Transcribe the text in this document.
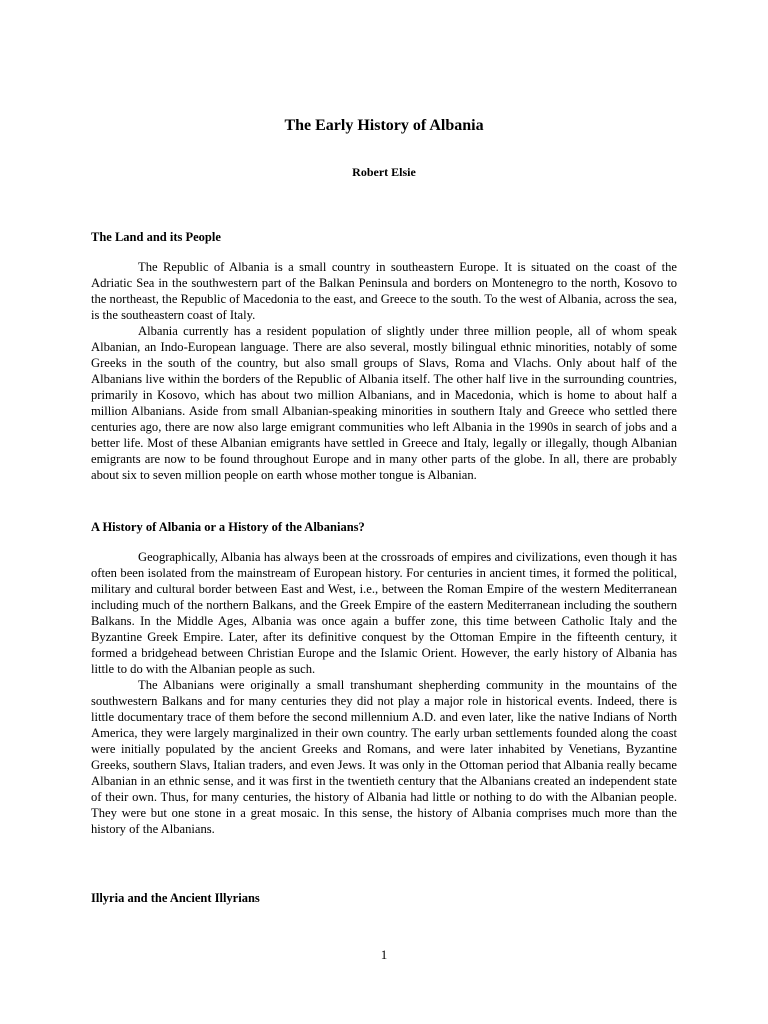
The Early History of Albania

Robert Elsie

The Land and its People

The Republic of Albania is a small country in southeastern Europe. It is situated on the coast of the Adriatic Sea in the southwestern part of the Balkan Peninsula and borders on Montenegro to the north, Kosovo to the northeast, the Republic of Macedonia to the east, and Greece to the south. To the west of Albania, across the sea, is the southeastern coast of Italy.

Albania currently has a resident population of slightly under three million people, all of whom speak Albanian, an Indo-European language. There are also several, mostly bilingual ethnic minorities, notably of some Greeks in the south of the country, but also small groups of Slavs, Roma and Vlachs. Only about half of the Albanians live within the borders of the Republic of Albania itself. The other half live in the surrounding countries, primarily in Kosovo, which has about two million Albanians, and in Macedonia, which is home to about half a million Albanians. Aside from small Albanian-speaking minorities in southern Italy and Greece who settled there centuries ago, there are now also large emigrant communities who left Albania in the 1990s in search of jobs and a better life. Most of these Albanian emigrants have settled in Greece and Italy, legally or illegally, though Albanian emigrants are now to be found throughout Europe and in many other parts of the globe. In all, there are probably about six to seven million people on earth whose mother tongue is Albanian.

A History of Albania or a History of the Albanians?

Geographically, Albania has always been at the crossroads of empires and civilizations, even though it has often been isolated from the mainstream of European history. For centuries in ancient times, it formed the political, military and cultural border between East and West, i.e., between the Roman Empire of the western Mediterranean including much of the northern Balkans, and the Greek Empire of the eastern Mediterranean including the southern Balkans. In the Middle Ages, Albania was once again a buffer zone, this time between Catholic Italy and the Byzantine Greek Empire. Later, after its definitive conquest by the Ottoman Empire in the fifteenth century, it formed a bridgehead between Christian Europe and the Islamic Orient. However, the early history of Albania has little to do with the Albanian people as such.

The Albanians were originally a small transhumant shepherding community in the mountains of the southwestern Balkans and for many centuries they did not play a major role in historical events. Indeed, there is little documentary trace of them before the second millennium A.D. and even later, like the native Indians of North America, they were largely marginalized in their own country. The early urban settlements founded along the coast were initially populated by the ancient Greeks and Romans, and were later inhabited by Venetians, Byzantine Greeks, southern Slavs, Italian traders, and even Jews. It was only in the Ottoman period that Albania really became Albanian in an ethnic sense, and it was first in the twentieth century that the Albanians created an independent state of their own. Thus, for many centuries, the history of Albania had little or nothing to do with the Albanian people. They were but one stone in a great mosaic. In this sense, the history of Albania comprises much more than the history of the Albanians.

Illyria and the Ancient Illyrians

1
